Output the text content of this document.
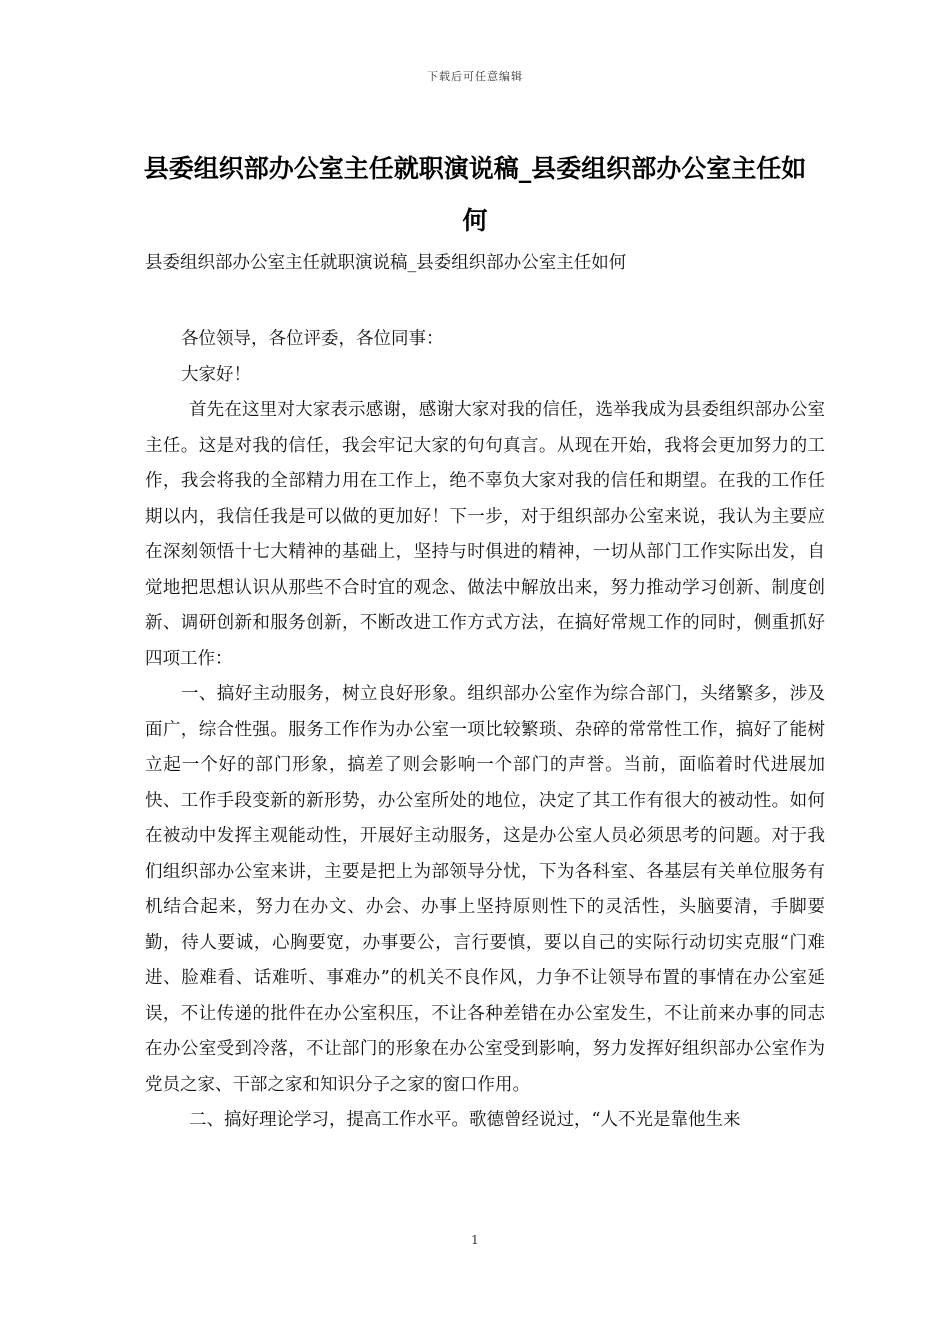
下载后可任意编辑
县委组织部办公室主任就职演说稿_县委组织部办公室主任如何
县委组织部办公室主任就职演说稿_县委组织部办公室主任如何

各位领导，各位评委，各位同事：

大家好！

首先在这里对大家表示感谢，感谢大家对我的信任，选举我成为县委组织部办公室主任。这是对我的信任，我会牢记大家的句句真言。从现在开始，我将会更加努力的工作，我会将我的全部精力用在工作上，绝不辜负大家对我的信任和期望。在我的工作任期以内，我信任我是可以做的更加好！下一步，对于组织部办公室来说，我认为主要应在深刻领悟十七大精神的基础上，坚持与时俱进的精神，一切从部门工作实际出发，自觉地把思想认识从那些不合时宜的观念、做法中解放出来，努力推动学习创新、制度创新、调研创新和服务创新，不断改进工作方式方法，在搞好常规工作的同时，侧重抓好四项工作：

一、搞好主动服务，树立良好形象。组织部办公室作为综合部门，头绪繁多，涉及面广，综合性强。服务工作作为办公室一项比较繁琐、杂碎的常常性工作，搞好了能树立起一个好的部门形象，搞差了则会影响一个部门的声誉。当前，面临着时代进展加快、工作手段变新的新形势，办公室所处的地位，决定了其工作有很大的被动性。如何在被动中发挥主观能动性，开展好主动服务，这是办公室人员必须思考的问题。对于我们组织部办公室来讲，主要是把上为部领导分忧，下为各科室、各基层有关单位服务有机结合起来，努力在办文、办会、办事上坚持原则性下的灵活性，头脑要清，手脚要勤，待人要诚，心胸要宽，办事要公，言行要慎，要以自己的实际行动切实克服“门难进、脸难看、话难听、事难办”的机关不良作风，力争不让领导布置的事情在办公室延误，不让传递的批件在办公室积压，不让各种差错在办公室发生，不让前来办事的同志在办公室受到冷落，不让部门的形象在办公室受到影响，努力发挥好组织部办公室作为党员之家、干部之家和知识分子之家的窗口作用。

二、搞好理论学习，提高工作水平。歌德曾经说过，“人不光是靠他生来

1
